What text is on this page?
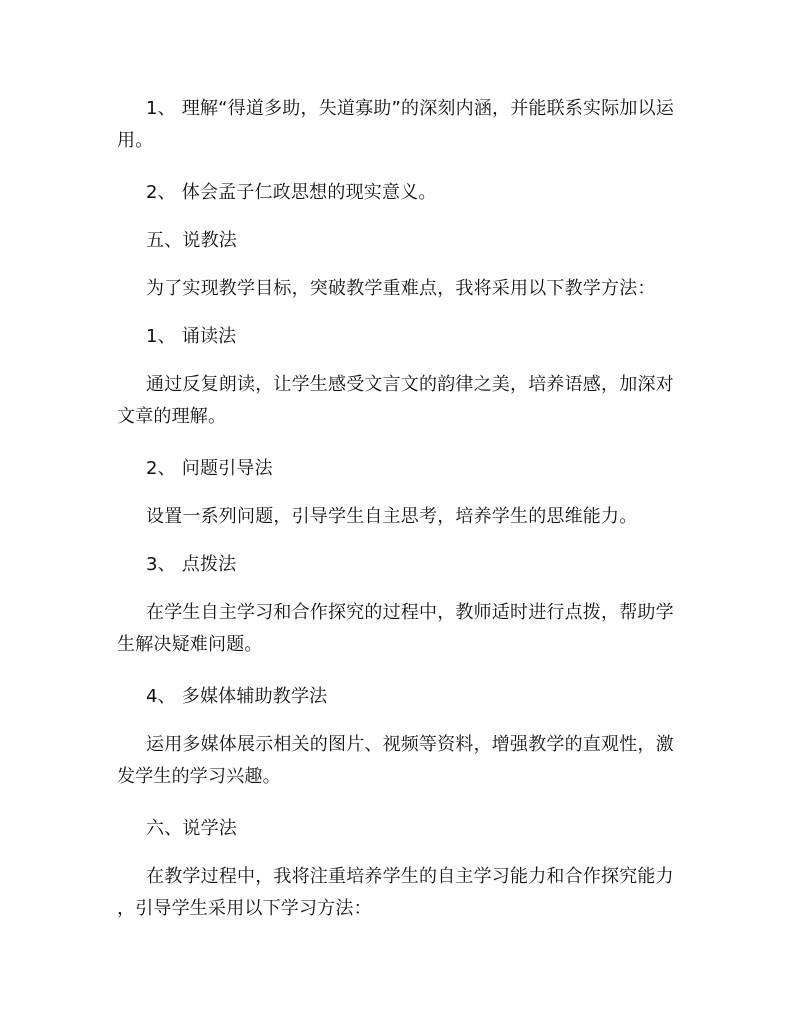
1、 理解“得道多助，失道寡助”的深刻内涵，并能联系实际加以运
用。
2、 体会孟子仁政思想的现实意义。
五、说教法
为了实现教学目标，突破教学重难点，我将采用以下教学方法：
1、 诵读法
通过反复朗读，让学生感受文言文的韵律之美，培养语感，加深对
文章的理解。
2、 问题引导法
设置一系列问题，引导学生自主思考，培养学生的思维能力。
3、 点拨法
在学生自主学习和合作探究的过程中，教师适时进行点拨，帮助学
生解决疑难问题。
4、 多媒体辅助教学法
运用多媒体展示相关的图片、视频等资料，增强教学的直观性，激
发学生的学习兴趣。
六、说学法
在教学过程中，我将注重培养学生的自主学习能力和合作探究能力
，引导学生采用以下学习方法：
